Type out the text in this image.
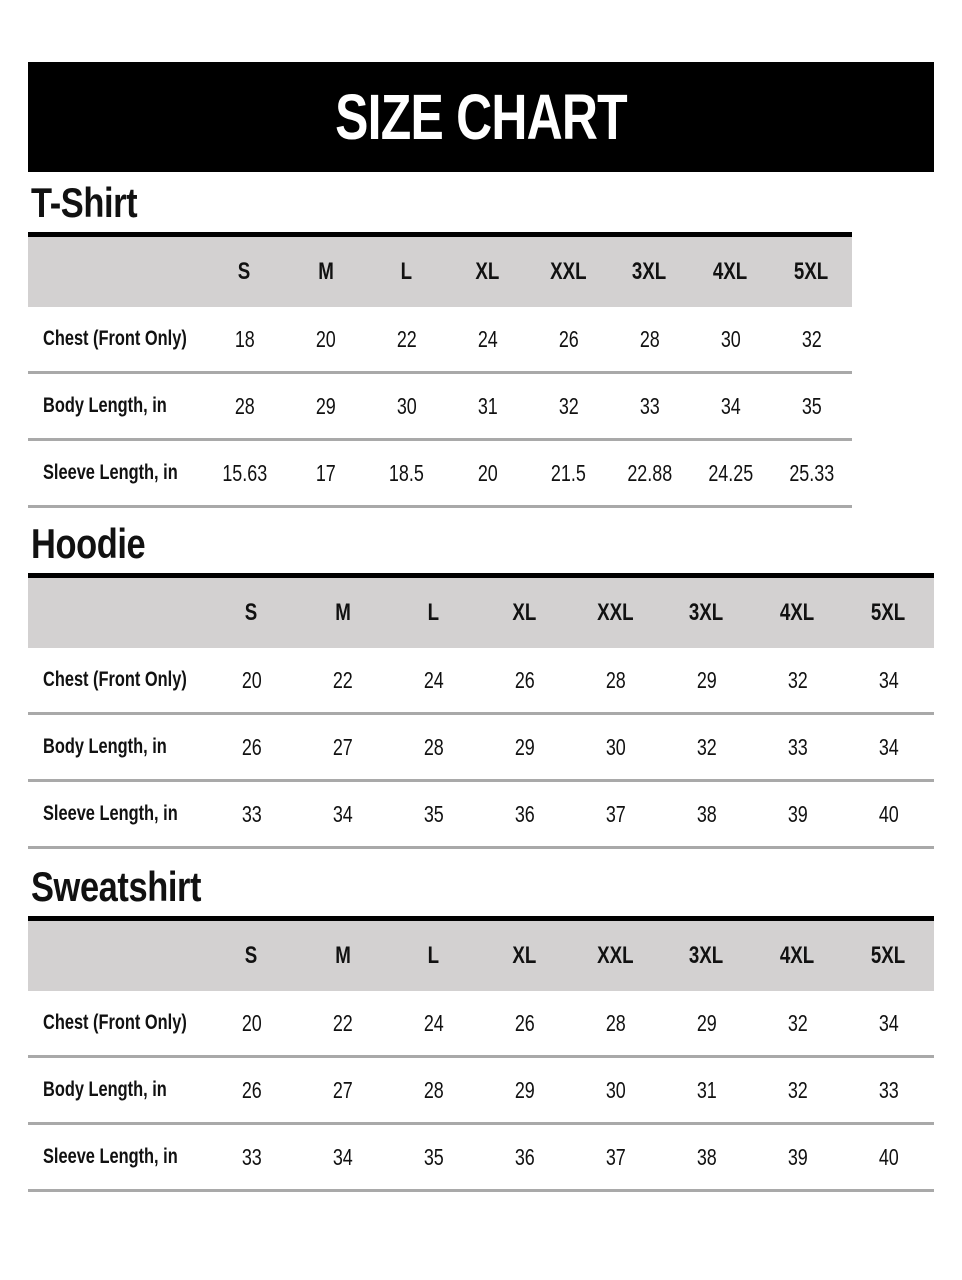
SIZE CHART
T-Shirt
	S	M	L	XL	XXL	3XL	4XL	5XL
Chest (Front Only)	18	20	22	24	26	28	30	32
Body Length, in	28	29	30	31	32	33	34	35
Sleeve Length, in	15.63	17	18.5	20	21.5	22.88	24.25	25.33
Hoodie
	S	M	L	XL	XXL	3XL	4XL	5XL
Chest (Front Only)	20	22	24	26	28	29	32	34
Body Length, in	26	27	28	29	30	32	33	34
Sleeve Length, in	33	34	35	36	37	38	39	40
Sweatshirt
	S	M	L	XL	XXL	3XL	4XL	5XL
Chest (Front Only)	20	22	24	26	28	29	32	34
Body Length, in	26	27	28	29	30	31	32	33
Sleeve Length, in	33	34	35	36	37	38	39	40
